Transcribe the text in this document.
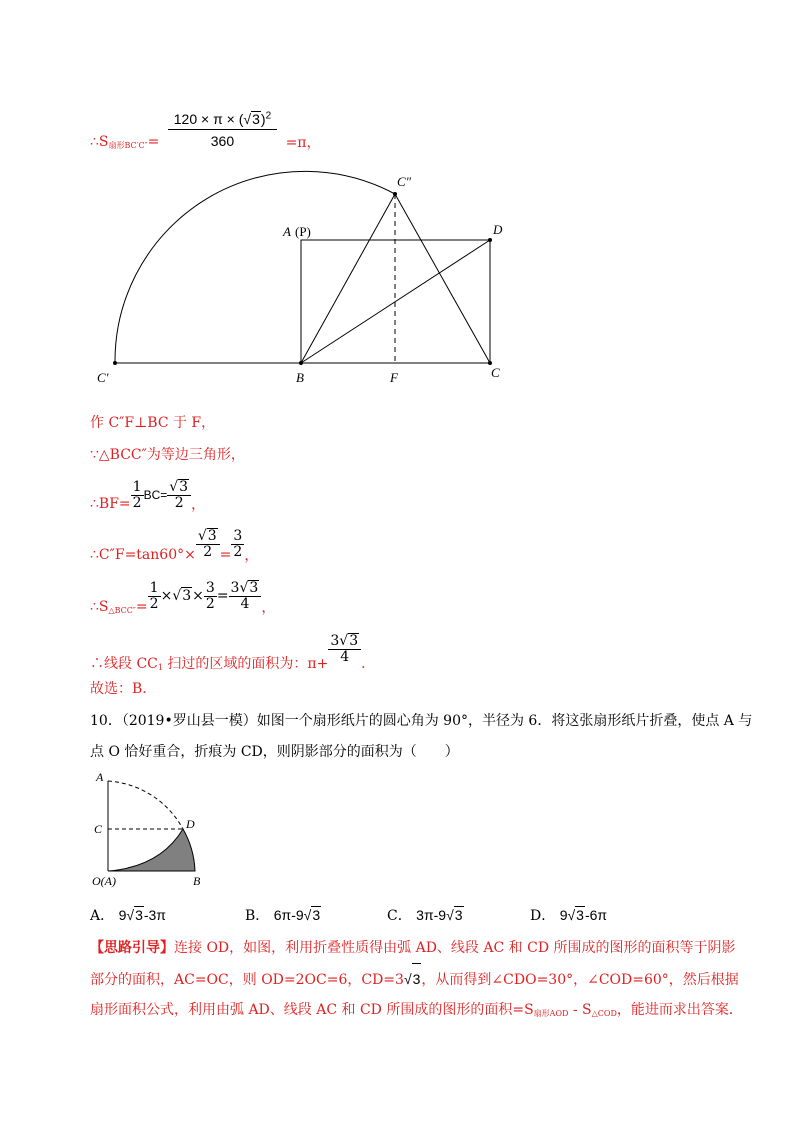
$\therefore S_{扇形BC'C''}= \frac{120 \times \pi \times (√ 3 )^2}{360} =\pi$，
C″
A (P)	D
C′	B	F	C
作 C″F⊥BC 于 F，
∵△BCC″为等边三角形，
∴BF= $\frac{1}{2} BC= \frac{√ 3}{2}$ ，
∴C″F=tan60°× $\frac{√ 3}{2} = \frac{3}{2}$ ，
$\therefore S_{\triangle BCC''}= \frac{1}{2}$ ×√ $3 \times \frac{3}{2} = \frac{3√ 3}{4}$ ，
∴线段 $CC_1$ 扫过的区域的面积为：$\pi+ \frac{3√ 3}{4}$ ．
故选：B．
10．（2019•罗山县一模）如图一个扇形纸片的圆心角为 90°，半径为 6．将这张扇形纸片折叠，使点 A 与
点 O 恰好重合，折痕为 CD，则阴影部分的面积为（　　）
A
C	D
O(A)	B
A． 9√ 3 -3π	B． 6π-9√ 3	C． 3π-9√ 3	D． 9√ 3 -6π
【思路引导】连接 OD，如图，利用折叠性质得由弧 AD、线段 AC 和 CD 所围成的图形的面积等于阴影
部分的面积，AC=OC，则 OD=2OC=6，CD=3√ 3 ，从而得到∠CDO=30°，∠COD=60°，然后根据
扇形面积公式，利用由弧 AD、线段 AC 和 CD 所围成的图形的面积$=S_{扇形AOD} - S_{\triangle COD}$，能进而求出答案．
